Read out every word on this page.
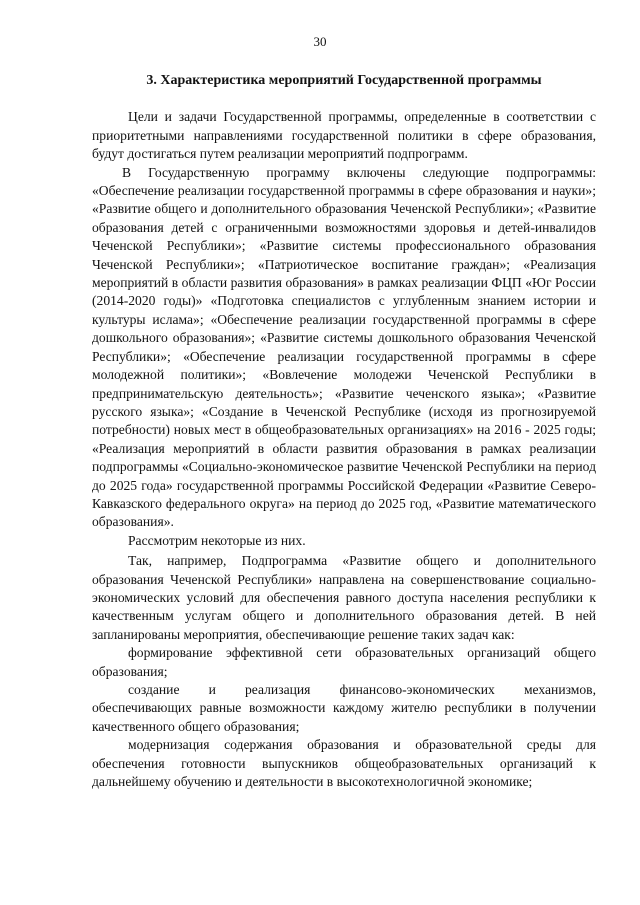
30
3. Характеристика мероприятий Государственной программы

Цели и задачи Государственной программы, определенные в соответствии с приоритетными направлениями государственной политики в сфере образования, будут достигаться путем реализации мероприятий подпрограмм.

В Государственную программу включены следующие подпрограммы: «Обеспечение реализации государственной программы в сфере образования и науки»; «Развитие общего и дополнительного образования Чеченской Республики»; «Развитие образования детей с ограниченными возможностями здоровья и детей-инвалидов Чеченской Республики»; «Развитие системы профессионального образования Чеченской Республики»; «Патриотическое воспитание граждан»; «Реализация мероприятий в области развития образования» в рамках реализации ФЦП «Юг России (2014-2020 годы)» «Подготовка специалистов с углубленным знанием истории и культуры ислама»; «Обеспечение реализации государственной программы в сфере дошкольного образования»; «Развитие системы дошкольного образования Чеченской Республики»; «Обеспечение реализации государственной программы в сфере молодежной политики»; «Вовлечение молодежи Чеченской Республики в предпринимательскую деятельность»; «Развитие чеченского языка»; «Развитие русского языка»; «Создание в Чеченской Республике (исходя из прогнозируемой потребности) новых мест в общеобразовательных организациях» на 2016 - 2025 годы; «Реализация мероприятий в области развития образования в рамках реализации подпрограммы «Социально-экономическое развитие Чеченской Республики на период до 2025 года» государственной программы Российской Федерации «Развитие Северо-Кавказского федерального округа» на период до 2025 год, «Развитие математического образования».

Рассмотрим некоторые из них.

Так, например, Подпрограмма «Развитие общего и дополнительного образования Чеченской Республики» направлена на совершенствование социально-экономических условий для обеспечения равного доступа населения республики к качественным услугам общего и дополнительного образования детей. В ней запланированы мероприятия, обеспечивающие решение таких задач как:

формирование эффективной сети образовательных организаций общего образования;

создание и реализация финансово-экономических механизмов, обеспечивающих равные возможности каждому жителю республики в получении качественного общего образования;

модернизация содержания образования и образовательной среды для обеспечения готовности выпускников общеобразовательных организаций к дальнейшему обучению и деятельности в высокотехнологичной экономике;
